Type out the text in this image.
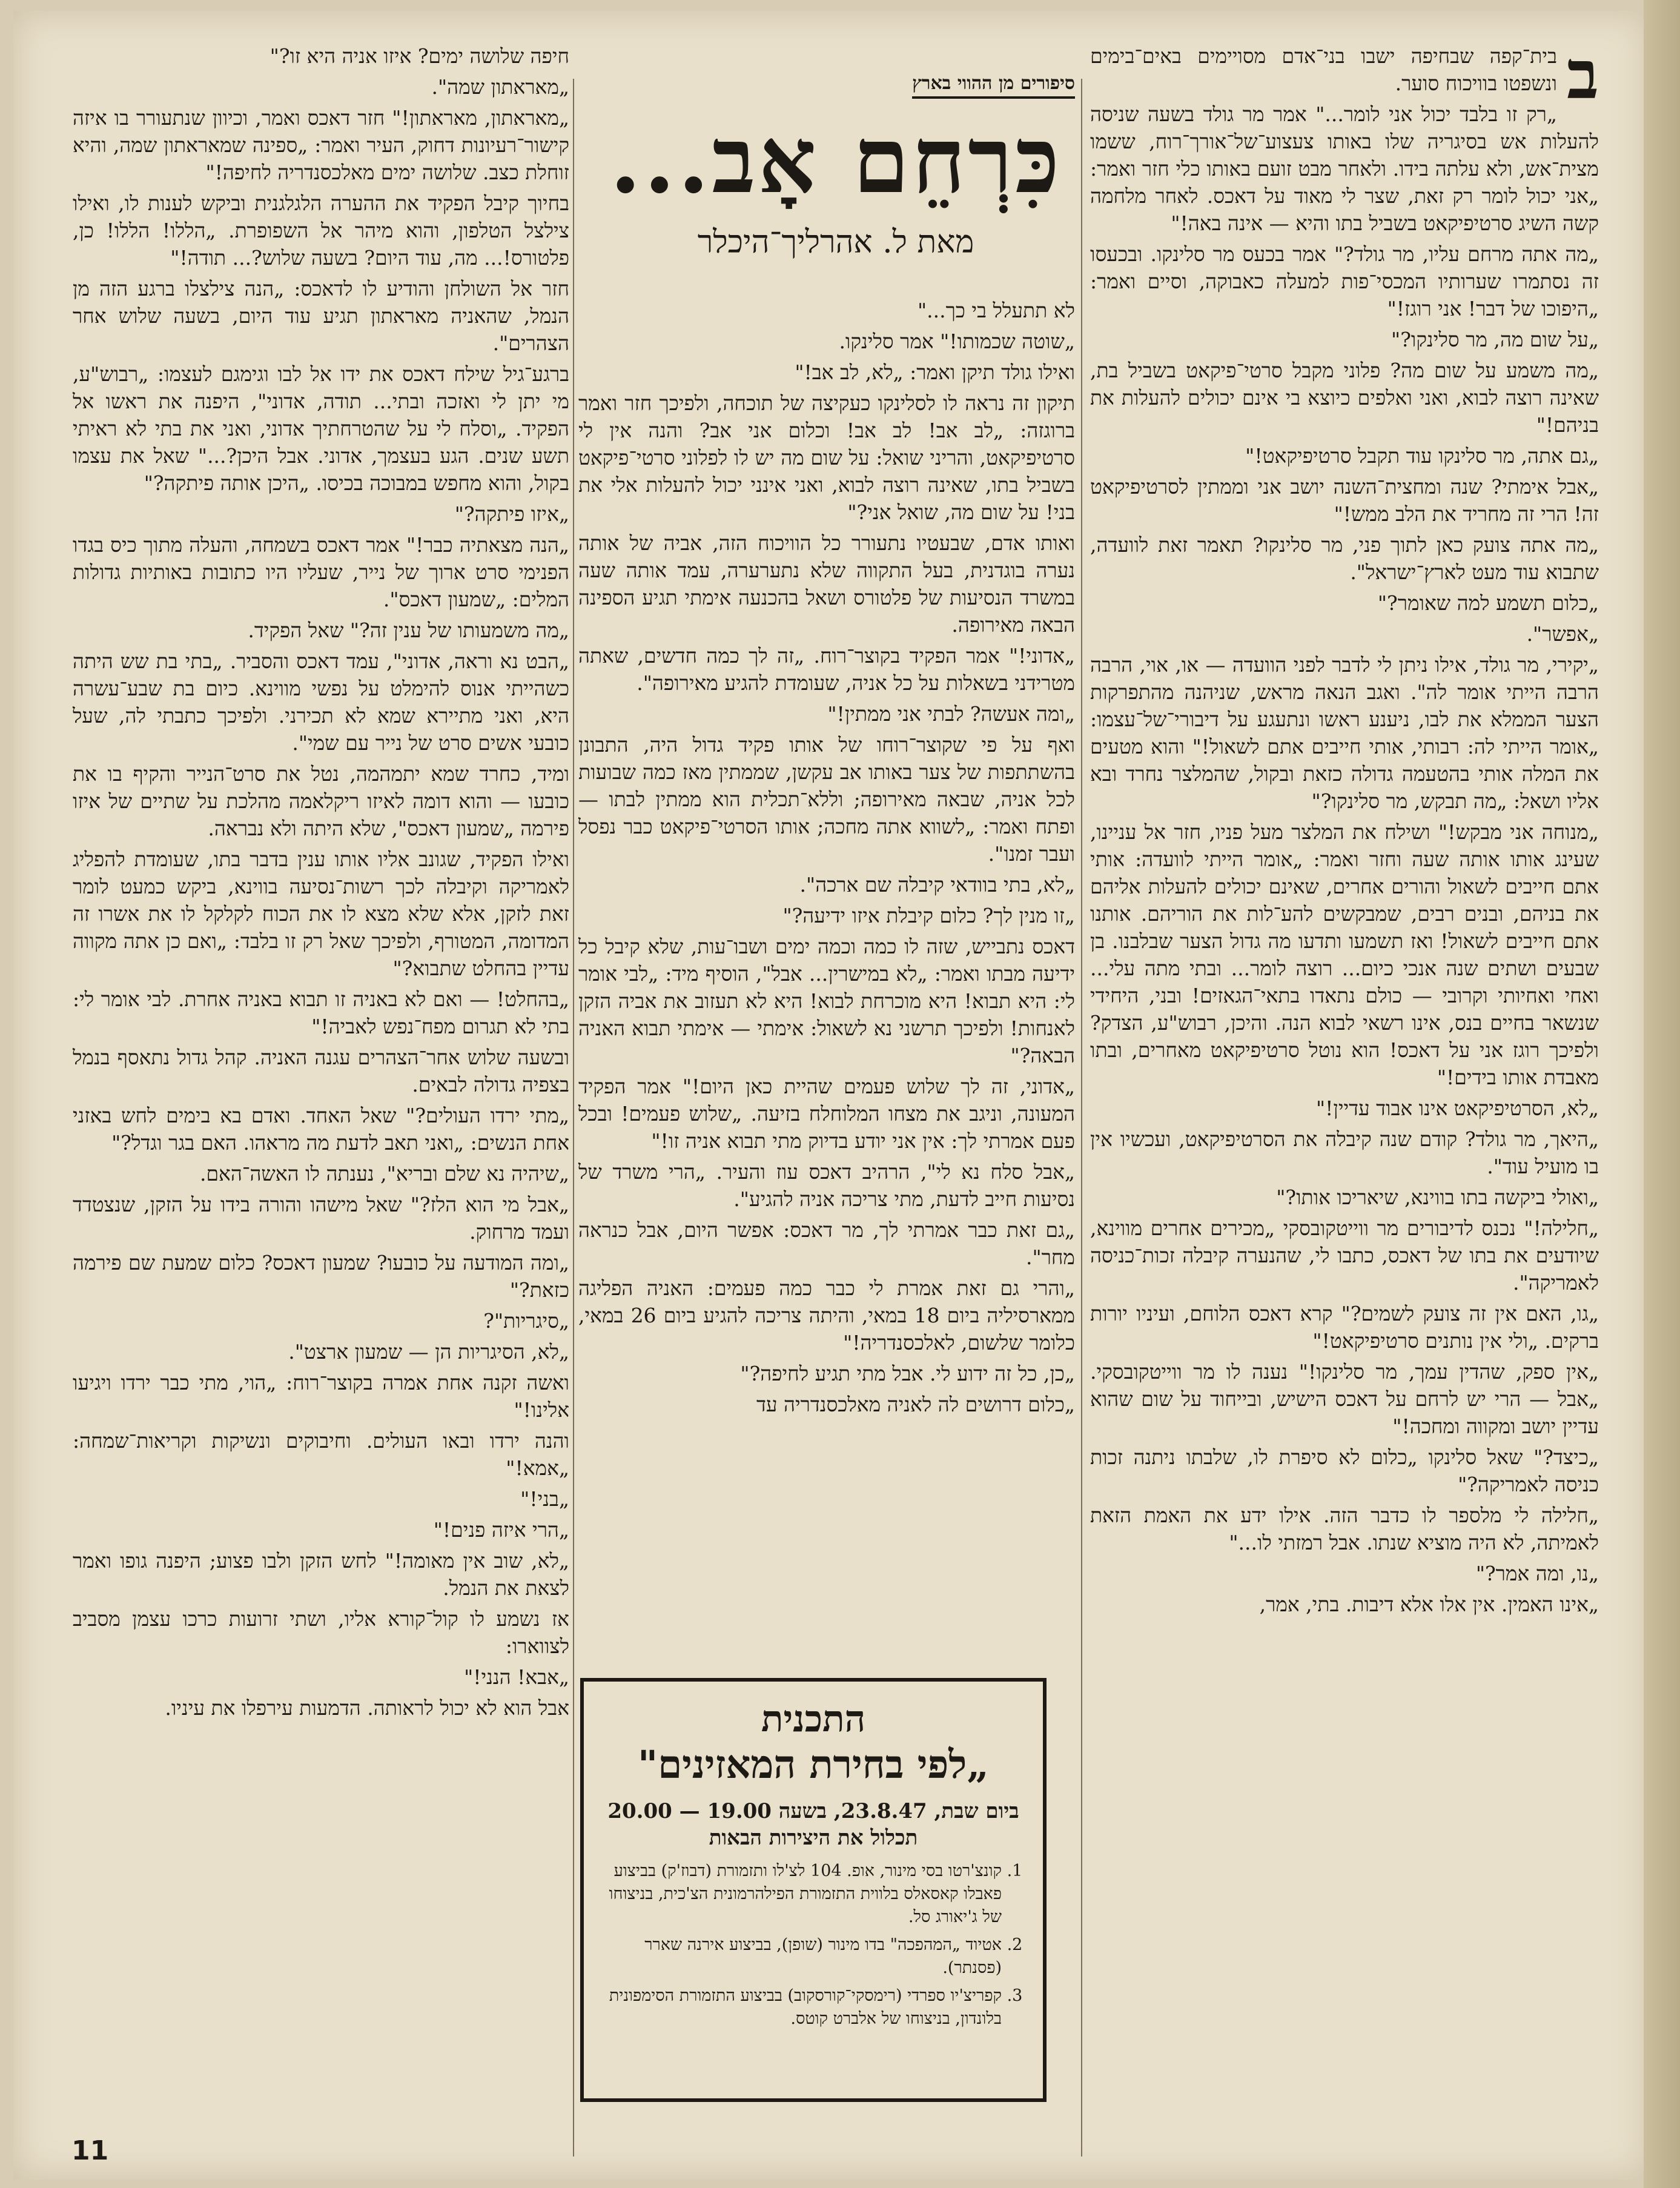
ב

בית־קפה שבחיפה ישבו בני־אדם מסויימים באים־בימים ונשפטו בוויכוח סוער.

„רק זו בלבד יכול אני לומר..." אמר מר גולד בשעה שניסה להעלות אש בסיגריה שלו באותו צעצוע־של־אורך־רוח, ששמו מצית־אש, ולא עלתה בידו. ולאחר מבט זועם באותו כלי חזר ואמר: „אני יכול לומר רק זאת, שצר לי מאוד על דאכס. לאחר מלחמה קשה השיג סרטיפיקאט בשביל בתו והיא — אינה באה!"

„מה אתה מרחם עליו, מר גולד?" אמר בכעס מר סלינקו. ובכעסו זה נסתמרו שערותיו המכסי־פות למעלה כאבוקה, וסיים ואמר: „היפוכו של דבר! אני רוגז!"

„על שום מה, מר סלינקו?"

„מה משמע על שום מה? פלוני מקבל סרטי־פיקאט בשביל בת, שאינה רוצה לבוא, ואני ואלפים כיוצא בי אינם יכולים להעלות את בניהם!"

„גם אתה, מר סלינקו עוד תקבל סרטיפיקאט!"

„אבל אימתי? שנה ומחצית־השנה יושב אני וממתין לסרטיפיקאט זה! הרי זה מחריד את הלב ממש!"

„מה אתה צועק כאן לתוך פני, מר סלינקו? תאמר זאת לוועדה, שתבוא עוד מעט לארץ־ישראל".

„כלום תשמע למה שאומר?"

„אפשר".

„יקירי, מר גולד, אילו ניתן לי לדבר לפני הוועדה — או, אוי, הרבה הרבה הייתי אומר לה". ואגב הנאה מראש, שניהנה מהתפרקות הצער הממלא את לבו, ניענע ראשו ונתעגע על דיבורי־של־עצמו: „אומר הייתי לה: רבותי, אותי חייבים אתם לשאול!" והוא מטעים את המלה אותי בהטעמה גדולה כזאת ובקול, שהמלצר נחרד ובא אליו ושאל: „מה תבקש, מר סלינקו?"

„מנוחה אני מבקש!" ושילח את המלצר מעל פניו, חזר אל עניינו, שעינג אותו אותה שעה וחזר ואמר: „אומר הייתי לוועדה: אותי אתם חייבים לשאול והורים אחרים, שאינם יכולים להעלות אליהם את בניהם, ובנים רבים, שמבקשים להע־לות את הוריהם. אותנו אתם חייבים לשאול! ואז תשמעו ותדעו מה גדול הצער שבלבנו. בן שבעים ושתים שנה אנכי כיום... רוצה לומר... ובתי מתה עלי... ואחי ואחיותי וקרובי — כולם נתאדו בתאי־הגאזים! ובני, היחידי שנשאר בחיים בנס, אינו רשאי לבוא הנה. והיכן, רבוש"ע, הצדק? ולפיכך רוגז אני על דאכס! הוא נוטל סרטיפיקאט מאחרים, ובתו מאבדת אותו בידים!"

„לא, הסרטיפיקאט אינו אבוד עדיין!"

„היאך, מר גולד? קודם שנה קיבלה את הסרטיפיקאט, ועכשיו אין בו מועיל עוד".

„ואולי ביקשה בתו בווינא, שיאריכו אותו?"

„חלילה!" נכנס לדיבורים מר ווייטקובסקי „מכירים אחרים מווינא, שיודעים את בתו של דאכס, כתבו לי, שהנערה קיבלה זכות־כניסה לאמריקה".

„גו, האם אין זה צועק לשמים?" קרא דאכס הלוחם, ועיניו יורות ברקים. „ולי אין נותנים סרטיפיקאט!"

„אין ספק, שהדין עמך, מר סלינקו!" נענה לו מר ווייטקובסקי. „אבל — הרי יש לרחם על דאכס הישיש, ובייחוד על שום שהוא עדיין יושב ומקווה ומחכה!"

„כיצד?" שאל סלינקו „כלום לא סיפרת לו, שלבתו ניתנה זכות כניסה לאמריקה?"

„חלילה לי מלספר לו כדבר הזה. אילו ידע את האמת הזאת לאמיתה, לא היה מוציא שנתו. אבל רמזתי לו..."

„נו, ומה אמר?"

„אינו האמין. אין אלו אלא דיבות. בתי, אמר,

סיפורים מן ההווי בארץ
כִּרְחֵם אָב...
מאת ל. אהרליך־היכלר

לא תתעלל בי כך..."

„שוטה שכמותו!" אמר סלינקו.

ואילו גולד תיקן ואמר: „לא, לב אב!"

תיקון זה נראה לו לסלינקו כעקיצה של תוכחה, ולפיכך חזר ואמר ברוגזה: „לב אב! לב אב! וכלום אני אב? והנה אין לי סרטיפיקאט, והריני שואל: על שום מה יש לו לפלוני סרטי־פיקאט בשביל בתו, שאינה רוצה לבוא, ואני אינני יכול להעלות אלי את בני! על שום מה, שואל אני?"

ואותו אדם, שבעטיו נתעורר כל הוויכוח הזה, אביה של אותה נערה בוגדנית, בעל התקווה שלא נתערערה, עמד אותה שעה במשרד הנסיעות של פלטורס ושאל בהכנעה אימתי תגיע הספינה הבאה מאירופה.

„אדוני!" אמר הפקיד בקוצר־רוח. „זה לך כמה חדשים, שאתה מטרידני בשאלות על כל אניה, שעומדת להגיע מאירופה".

„ומה אעשה? לבתי אני ממתין!"

ואף על פי שקוצר־רוחו של אותו פקיד גדול היה, התבונן בהשתתפות של צער באותו אב עקשן, שממתין מאז כמה שבועות לכל אניה, שבאה מאירופה; וללא־תכלית הוא ממתין לבתו — ופתח ואמר: „לשווא אתה מחכה; אותו הסרטי־פיקאט כבר נפסל ועבר זמנו".

„לא, בתי בוודאי קיבלה שם ארכה".

„זו מנין לך? כלום קיבלת איזו ידיעה?"

דאכס נתבייש, שזה לו כמה וכמה ימים ושבו־עות, שלא קיבל כל ידיעה מבתו ואמר: „לא במישרין... אבל", הוסיף מיד: „לבי אומר לי: היא תבוא! היא מוכרחת לבוא! היא לא תעזוב את אביה הזקן לאנחות! ולפיכך תרשני נא לשאול: אימתי — אימתי תבוא האניה הבאה?"

„אדוני, זה לך שלוש פעמים שהיית כאן היום!" אמר הפקיד המעונה, וניגב את מצחו המלוחלח בזיעה. „שלוש פעמים! ובכל פעם אמרתי לך: אין אני יודע בדיוק מתי תבוא אניה זו!"

„אבל סלח נא לי", הרהיב דאכס עוז והעיר. „הרי משרד של נסיעות חייב לדעת, מתי צריכה אניה להגיע".

„גם זאת כבר אמרתי לך, מר דאכס: אפשר היום, אבל כנראה מחר".

„והרי גם זאת אמרת לי כבר כמה פעמים: האניה הפליגה ממארסיליה ביום 18 במאי, והיתה צריכה להגיע ביום 26 במאי, כלומר שלשום, לאלכסנדריה!"

„כן, כל זה ידוע לי. אבל מתי תגיע לחיפה?"

„כלום דרושים לה לאניה מאלכסנדריה עד

התכנית
„לפי בחירת המאזינים"
ביום שבת, 23.8.47, בשעה 19.00 — 20.00
תכלול את היצירות הבאות
1. קונצ'רטו בסי מינור, אופ. 104 לצ'לו ותזמורת (דבוז'ק) בביצוע פאבלו קאסאלס בלווית התזמורת הפילהרמונית הצ'כית, בניצוחו של ג'יאורג סל.
2. אטיוד „המהפכה" בדו מינור (שופן), בביצוע אירנה שארר (פסנתר).
3. קפריצ'יו ספרדי (רימסקי־קורסקוב) בביצוע התזמורת הסימפונית בלונדון, בניצוחו של אלברט קוטס.

חיפה שלושה ימים? איזו אניה היא זו?"

„מאראתון שמה".

„מאראתון, מאראתון!" חזר דאכס ואמר, וכיוון שנתעורר בו איזה קישור־רעיונות דחוק, העיר ואמר: „ספינה שמאראתון שמה, והיא זוחלת כצב. שלושה ימים מאלכסנדריה לחיפה!"

בחיוך קיבל הפקיד את ההערה הלגלגנית וביקש לענות לו, ואילו צילצל הטלפון, והוא מיהר אל השפופרת. „הללו! הללו! כן, פלטורס!... מה, עוד היום? בשעה שלוש?... תודה!"

חזר אל השולחן והודיע לו לדאכס: „הנה צילצלו ברגע הזה מן הנמל, שהאניה מאראתון תגיע עוד היום, בשעה שלוש אחר הצהרים".

ברגע־גיל שילח דאכס את ידו אל לבו וגימגם לעצמו: „רבוש"ע, מי יתן לי ואזכה ובתי... תודה, אדוני", היפנה את ראשו אל הפקיד. „וסלח לי על שהטרחתיך אדוני, ואני את בתי לא ראיתי תשע שנים. הגע בעצמך, אדוני. אבל היכן?..." שאל את עצמו בקול, והוא מחפש במבוכה בכיסו. „היכן אותה פיתקה?"

„איזו פיתקה?"

„הנה מצאתיה כבר!" אמר דאכס בשמחה, והעלה מתוך כיס בגדו הפנימי סרט ארוך של נייר, שעליו היו כתובות באותיות גדולות המלים: „שמעון דאכס".

„מה משמעותו של ענין זה?" שאל הפקיד.

„הבט נא וראה, אדוני", עמד דאכס והסביר. „בתי בת שש היתה כשהייתי אנוס להימלט על נפשי מווינא. כיום בת שבע־עשרה היא, ואני מתיירא שמא לא תכירני. ולפיכך כתבתי לה, שעל כובעי אשים סרט של נייר עם שמי".

ומיד, כחרד שמא יתמהמה, נטל את סרט־הנייר והקיף בו את כובעו — והוא דומה לאיזו ריקלאמה מהלכת על שתיים של איזו פירמה „שמעון דאכס", שלא היתה ולא נבראה.

ואילו הפקיד, שגונב אליו אותו ענין בדבר בתו, שעומדת להפליג לאמריקה וקיבלה לכך רשות־נסיעה בווינא, ביקש כמעט לומר זאת לזקן, אלא שלא מצא לו את הכוח לקלקל לו את אשרו זה המדומה, המטורף, ולפיכך שאל רק זו בלבד: „ואם כן אתה מקווה עדיין בהחלט שתבוא?"

„בהחלט! — ואם לא באניה זו תבוא באניה אחרת. לבי אומר לי: בתי לא תגרום מפח־נפש לאביה!"

ובשעה שלוש אחר־הצהרים עגנה האניה. קהל גדול נתאסף בנמל בצפיה גדולה לבאים.

„מתי ירדו העולים?" שאל האחד. ואדם בא בימים לחש באזני אחת הנשים: „ואני תאב לדעת מה מראהו. האם בגר וגדל?"

„שיהיה נא שלם ובריא", נענתה לו האשה־האם.

„אבל מי הוא הלז?" שאל מישהו והורה בידו על הזקן, שנצטדד ועמד מרחוק.

„ומה המודעה על כובעו? שמעון דאכס? כלום שמעת שם פירמה כזאת?"

„סיגריות"?

„לא, הסיגריות הן — שמעון ארצט".

ואשה זקנה אחת אמרה בקוצר־רוח: „הוי, מתי כבר ירדו ויגיעו אלינו!"

והנה ירדו ובאו העולים. וחיבוקים ונשיקות וקריאות־שמחה: „אמא!"

„בני!"

„הרי איזה פנים!"

„לא, שוב אין מאומה!" לחש הזקן ולבו פצוע; היפנה גופו ואמר לצאת את הנמל.

אז נשמע לו קול־קורא אליו, ושתי זרועות כרכו עצמן מסביב לצווארו:

„אבא! הנני!"

אבל הוא לא יכול לראותה. הדמעות עירפלו את עיניו.

11
